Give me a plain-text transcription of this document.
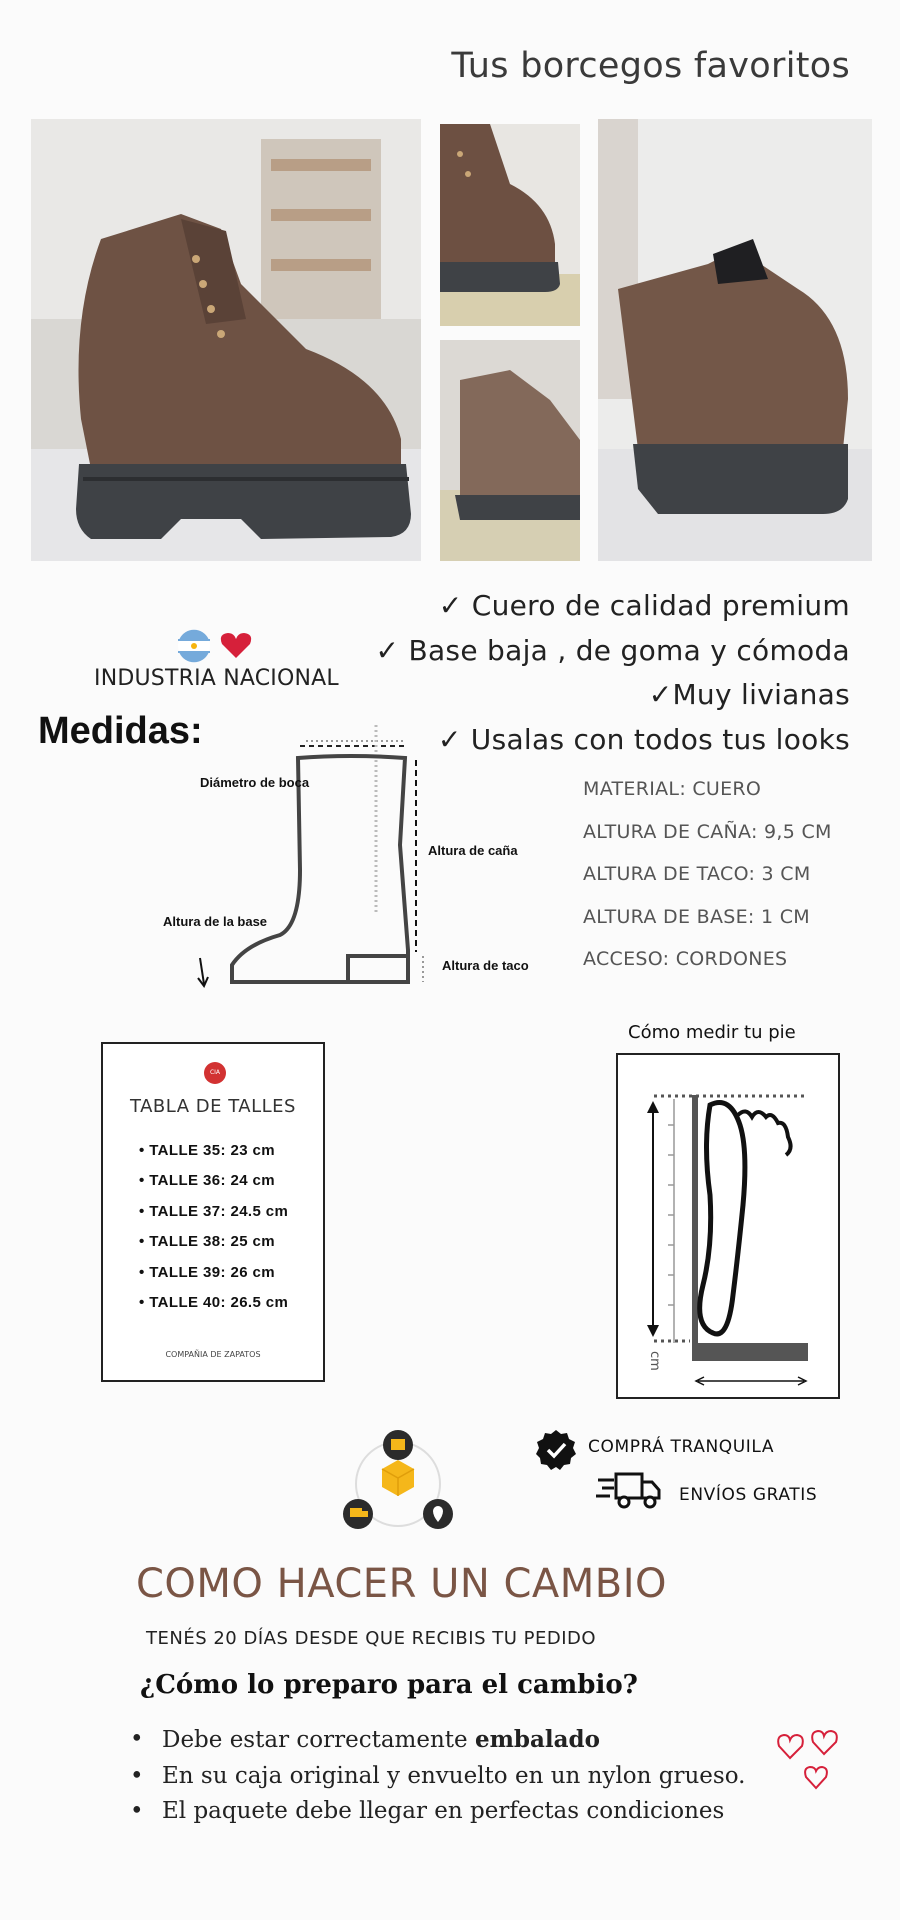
Tus borcegos favoritos
✓ Cuero de calidad premium
✓ Base baja , de goma y cómoda
✓Muy livianas
✓ Usalas con todos tus looks
INDUSTRIA NACIONAL
Medidas:
Diámetro de boca
Altura de caña
Altura de la base
Altura de taco
MATERIAL: CUERO
ALTURA DE CAÑA: 9,5 CM
ALTURA DE TACO: 3 CM
ALTURA DE BASE: 1 CM
ACCESO: CORDONES
CIA
TABLA DE TALLES
• TALLE 35: 23 cm
• TALLE 36: 24 cm
• TALLE 37: 24.5 cm
• TALLE 38: 25 cm
• TALLE 39: 26 cm
• TALLE 40: 26.5 cm
COMPAÑIA DE ZAPATOS
Cómo medir tu pie
cm
COMPRÁ TRANQUILA
ENVÍOS GRATIS
COMO HACER UN CAMBIO
TENÉS 20 DÍAS DESDE QUE RECIBIS TU PEDIDO
¿Cómo lo preparo para el cambio?
• Debe estar correctamente embalado
• En su caja original y envuelto en un nylon grueso.
• El paquete debe llegar en perfectas condiciones
